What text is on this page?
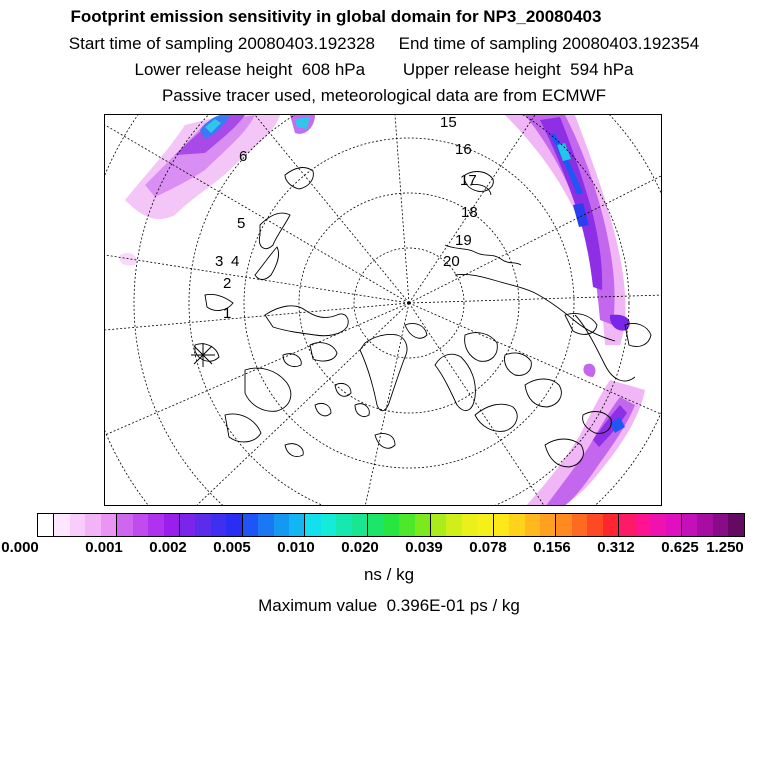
Footprint emission sensitivity in global domain for NP3_20080403
Start time of sampling 20080403.192328     End time of sampling 20080403.192354
Lower release height  608 hPa        Upper release height  594 hPa
Passive tracer used, meteorological data are from ECMWF
1
2
3 4
5
6
15
16
17
18
19
20
0.000	0.001 0.002 0.005 0.010 0.020 0.039 0.078 0.156 0.312 0.625 1.250
ns / kg
Maximum value  0.396E-01 ps / kg
